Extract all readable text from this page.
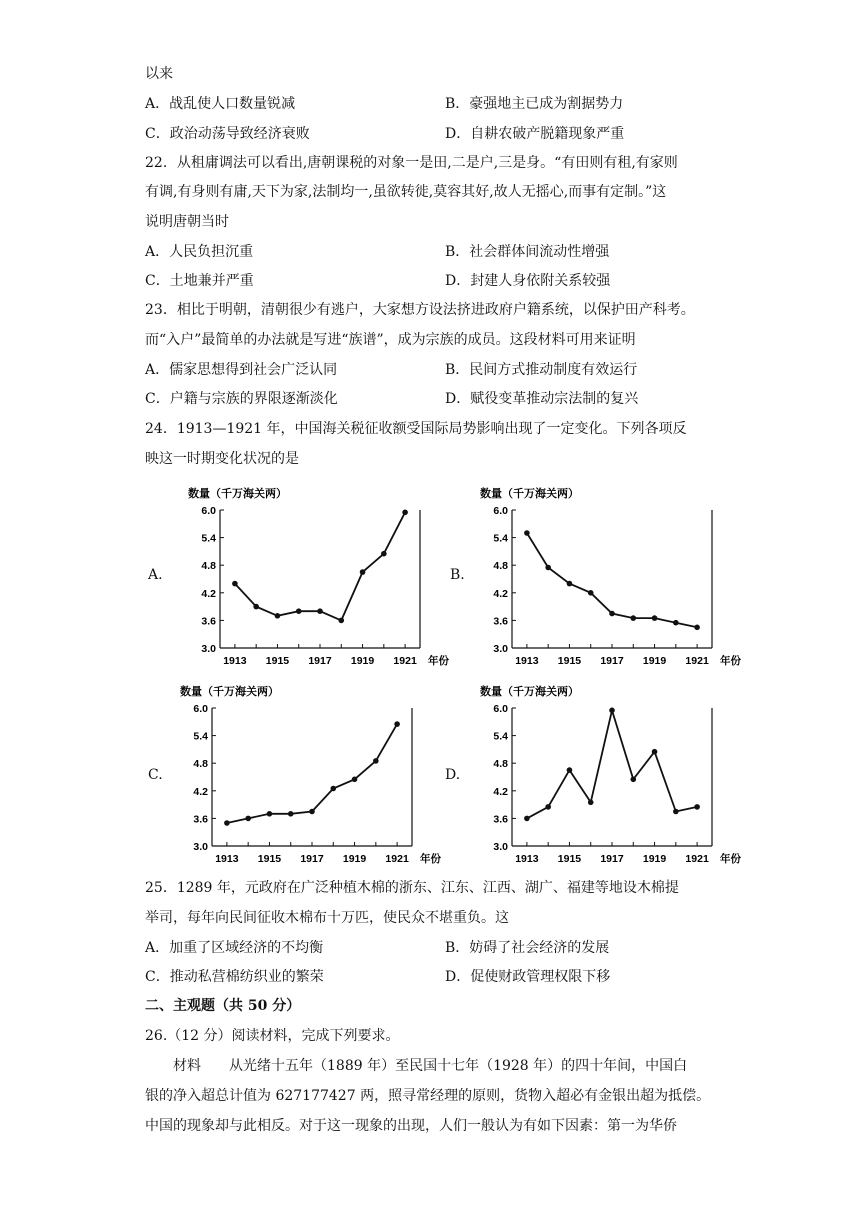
以来
A．战乱使人口数量锐减	B．豪强地主已成为割据势力
C．政治动荡导致经济衰败	D．自耕农破产脱籍现象严重
22．从租庸调法可以看出,唐朝课税的对象一是田,二是户,三是身。“有田则有租,有家则
有调,有身则有庸,天下为家,法制均一,虽欲转徙,莫容其好,故人无摇心,而事有定制。”这
说明唐朝当时
A．人民负担沉重	B．社会群体间流动性增强
C．土地兼并严重	D．封建人身依附关系较强
23．相比于明朝，清朝很少有逃户，大家想方设法挤进政府户籍系统，以保护田产科考。
而“入户”最简单的办法就是写进“族谱”，成为宗族的成员。这段材料可用来证明
A．儒家思想得到社会广泛认同	B．民间方式推动制度有效运行
C．户籍与宗族的界限逐渐淡化	D．赋役变革推动宗法制的复兴
24．1913—1921 年，中国海关税征收额受国际局势影响出现了一定变化。下列各项反
映这一时期变化状况的是
A.
数量（千万海关两）
6.0
5.4
4.8
4.2
3.6
3.0
1913 1915 1917 1919 1921 年份
B.
数量（千万海关两）
6.0
5.4
4.8
4.2
3.6
3.0
1913 1915 1917 1919 1921 年份
C.
数量（千万海关两）
6.0
5.4
4.8
4.2
3.6
3.0
1913 1915 1917 1919 1921 年份
D.
数量（千万海关两）
6.0
5.4
4.8
4.2
3.6
3.0
1913 1915 1917 1919 1921 年份
25．1289 年，元政府在广泛种植木棉的浙东、江东、江西、湖广、福建等地设木棉提
举司，每年向民间征收木棉布十万匹，使民众不堪重负。这
A．加重了区域经济的不均衡	B．妨碍了社会经济的发展
C．推动私营棉纺织业的繁荣	D．促使财政管理权限下移
二、主观题（共 50 分）
26.（12 分）阅读材料，完成下列要求。
材料　　从光绪十五年（1889 年）至民国十七年（1928 年）的四十年间，中国白
银的净入超总计值为 627177427 两，照寻常经理的原则，货物入超必有金银出超为抵偿。
中国的现象却与此相反。对于这一现象的出现，人们一般认为有如下因素：第一为华侨
